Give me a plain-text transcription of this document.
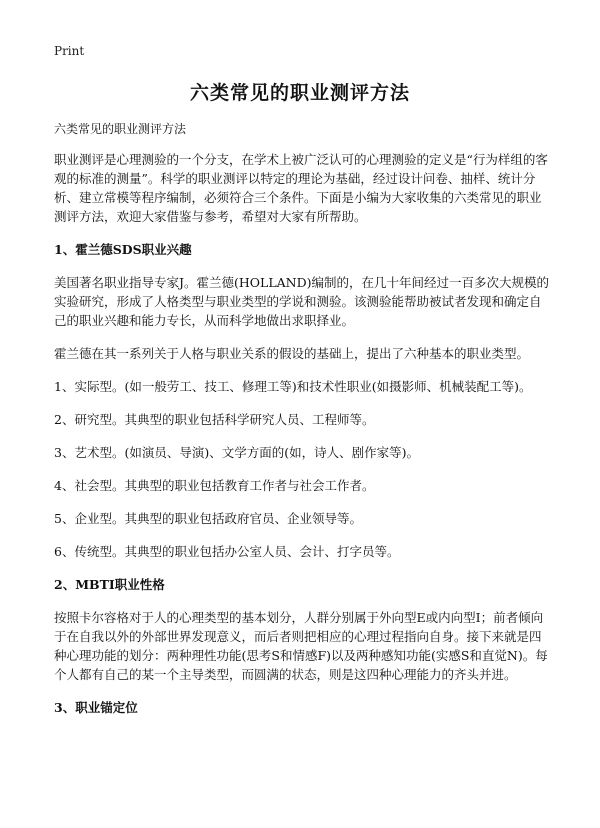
Print
六类常见的职业测评方法
六类常见的职业测评方法

职业测评是心理测验的一个分支，在学术上被广泛认可的心理测验的定义是“行为样组的客观的标准的测量”。科学的职业测评以特定的理论为基础，经过设计问卷、抽样、统计分析、建立常模等程序编制，必须符合三个条件。下面是小编为大家收集的六类常见的职业测评方法，欢迎大家借鉴与参考，希望对大家有所帮助。

1、霍兰德SDS职业兴趣

美国著名职业指导专家J。霍兰德(HOLLAND)编制的，在几十年间经过一百多次大规模的实验研究，形成了人格类型与职业类型的学说和测验。该测验能帮助被试者发现和确定自己的职业兴趣和能力专长，从而科学地做出求职择业。

霍兰德在其一系列关于人格与职业关系的假设的基础上，提出了六种基本的职业类型。

1、实际型。(如一般劳工、技工、修理工等)和技术性职业(如摄影师、机械装配工等)。

2、研究型。其典型的职业包括科学研究人员、工程师等。

3、艺术型。(如演员、导演)、文学方面的(如，诗人、剧作家等)。

4、社会型。其典型的职业包括教育工作者与社会工作者。

5、企业型。其典型的职业包括政府官员、企业领导等。

6、传统型。其典型的职业包括办公室人员、会计、打字员等。

2、MBTI职业性格

按照卡尔容格对于人的心理类型的基本划分，人群分别属于外向型E或内向型I；前者倾向于在自我以外的外部世界发现意义，而后者则把相应的心理过程指向自身。接下来就是四种心理功能的划分：两种理性功能(思考S和情感F)以及两种感知功能(实感S和直觉N)。每个人都有自己的某一个主导类型，而圆满的状态，则是这四种心理能力的齐头并进。

3、职业锚定位
